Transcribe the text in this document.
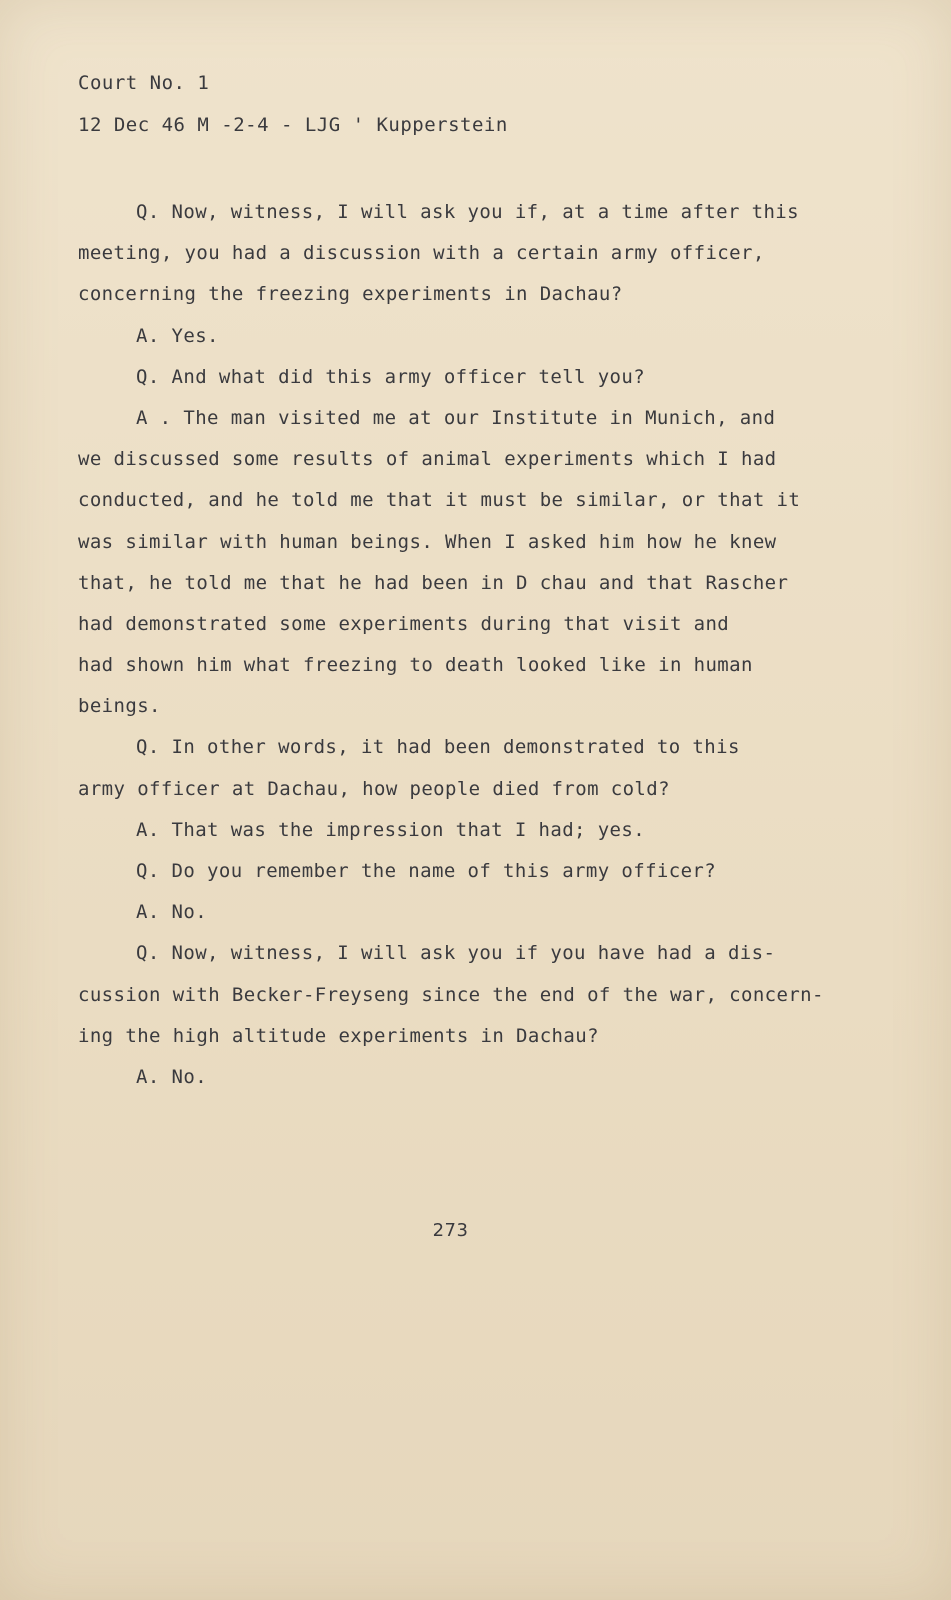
Court No. 1
12 Dec 46 M -2-4 - LJG ' Kupperstein
Q. Now, witness, I will ask you if, at a time after this
meeting, you had a discussion with a certain army officer,
concerning the freezing experiments in Dachau?
A. Yes.
Q. And what did this army officer tell you?
A . The man visited me at our Institute in Munich, and
we discussed some results of animal experiments which I had
conducted, and he told me that it must be similar, or that it
was similar with human beings. When I asked him how he knew
that, he told me that he had been in D chau and that Rascher
had demonstrated some experiments during that visit and
had shown him what freezing to death looked like in human
beings.
Q. In other words, it had been demonstrated to this
army officer at Dachau, how people died from cold?
A. That was the impression that I had; yes.
Q. Do you remember the name of this army officer?
A. No.
Q. Now, witness, I will ask you if you have had a dis-
cussion with Becker-Freyseng since the end of the war, concern-
ing the high altitude experiments in Dachau?
A. No.
273
